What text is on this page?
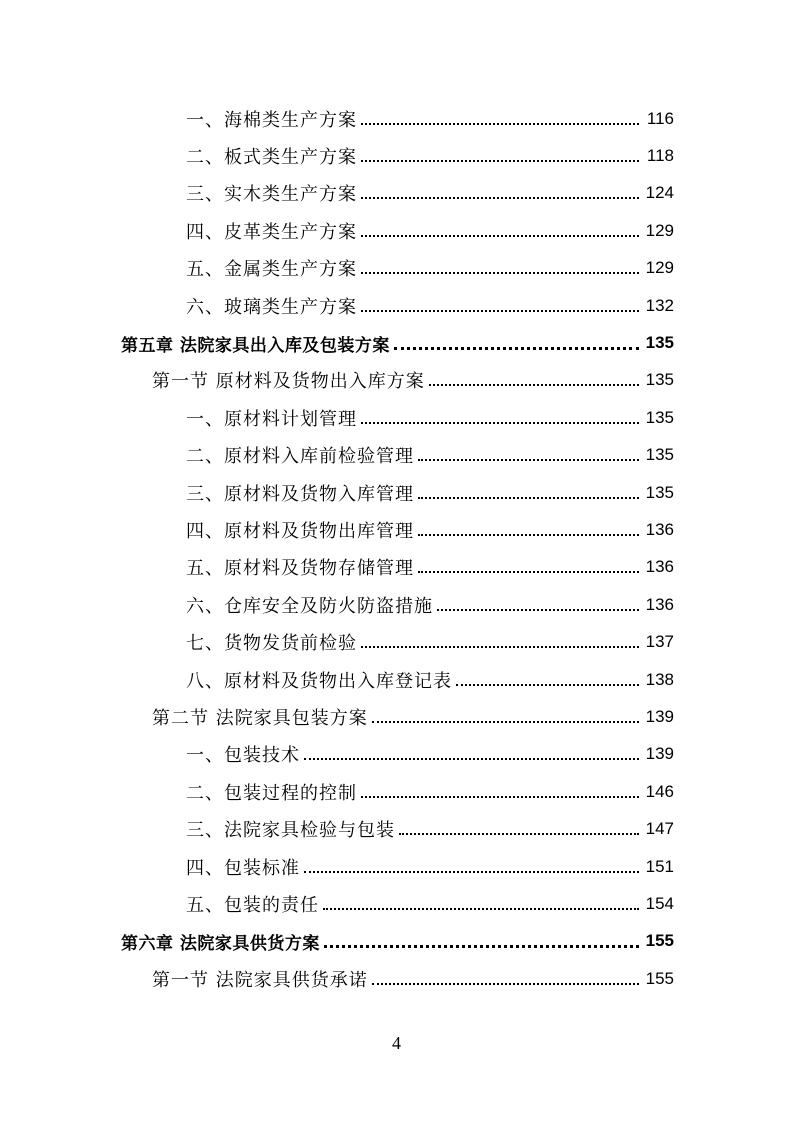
一、海棉类生产方案	116
二、板式类生产方案	118
三、实木类生产方案	124
四、皮革类生产方案	129
五、金属类生产方案	129
六、玻璃类生产方案	132
第五章 法院家具出入库及包装方案	135
第一节 原材料及货物出入库方案	135
一、原材料计划管理	135
二、原材料入库前检验管理	135
三、原材料及货物入库管理	135
四、原材料及货物出库管理	136
五、原材料及货物存储管理	136
六、仓库安全及防火防盗措施	136
七、货物发货前检验	137
八、原材料及货物出入库登记表	138
第二节 法院家具包装方案	139
一、包装技术	139
二、包装过程的控制	146
三、法院家具检验与包装	147
四、包装标准	151
五、包装的责任	154
第六章 法院家具供货方案	155
第一节 法院家具供货承诺	155
4
